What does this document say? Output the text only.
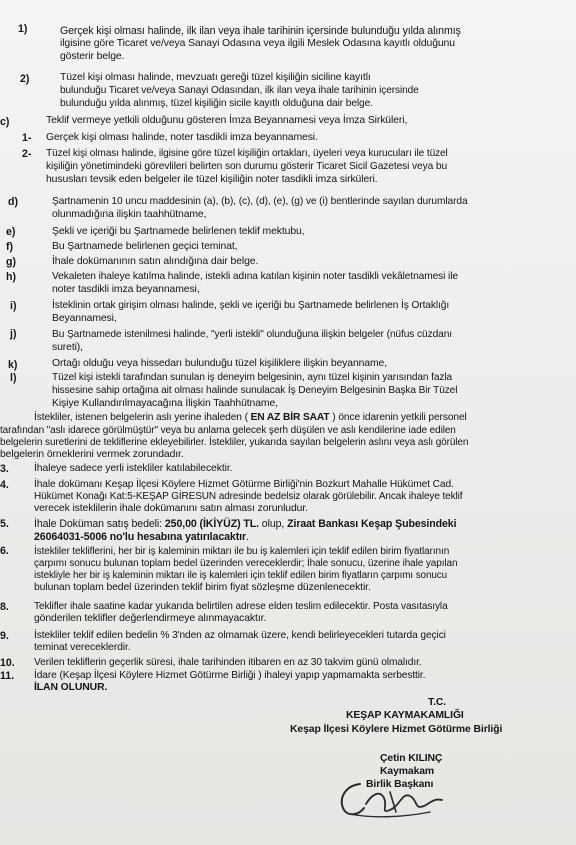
1)	Gerçek kişi olması halinde, ilk ilan veya ihale tarihinin içersinde bulunduğu yılda alınmış
ilgisine göre Ticaret ve/veya Sanayi Odasına veya ilgili Meslek Odasına kayıtlı olduğunu
gösterir belge.
2)	Tüzel kişi olması halinde, mevzuatı gereği tüzel kişiliğin siciline kayıtlı
bulunduğu Ticaret ve/veya Sanayi Odasından, ilk ilan veya ihale tarihinin içersinde
bulunduğu yılda alınmış, tüzel kişiliğin sicile kayıtlı olduğuna dair belge.
c)	Teklif vermeye yetkili olduğunu gösteren İmza Beyannamesi veya İmza Sirküleri,
1- Gerçek kişi olması halinde, noter tasdikli imza beyannamesi.
2- Tüzel kişi olması halinde, ilgisine göre tüzel kişiliğin ortakları, üyeleri veya kurucuları ile tüzel
kişiliğin yönetimindeki görevlileri belirten son durumu gösterir Ticaret Sicil Gazetesi veya bu
hususları tevsik eden belgeler ile tüzel kişiliğin noter tasdikli imza sirküleri.
d)	Şartnamenin 10 uncu maddesinin (a), (b), (c), (d), (e), (g) ve (i) bentlerinde sayılan durumlarda
olunmadığına ilişkin taahhütname,
e)	Şekli ve içeriği bu Şartnamede belirlenen teklif mektubu,
f)	Bu Şartnamede belirlenen geçici teminat,
g)	İhale dokümanının satın alındığına dair belge.
h)	Vekaleten ihaleye katılma halinde, istekli adına katılan kişinin noter tasdikli vekâletnamesi ile
noter tasdikli imza beyannamesi,
i)	İsteklinin ortak girişim olması halinde, şekli ve içeriği bu Şartnamede belirlenen İş Ortaklığı
Beyannamesi,
j)	Bu Şartnamede istenilmesi halinde, "yerli istekli" olunduğuna ilişkin belgeler (nüfus cüzdanı
sureti),
k)	Ortağı olduğu veya hissedarı bulunduğu tüzel kişiliklere ilişkin beyanname,
l)	Tüzel kişi istekli tarafından sunulan iş deneyim belgesinin, aynı tüzel kişinin yarısından fazla
hissesine sahip ortağına ait olması halinde sunulacak İş Deneyim Belgesinin Başka Bir Tüzel
Kişiye Kullandırılmayacağına İlişkin Taahhütname,
İstekliler, istenen belgelerin aslı yerine ihaleden ( EN AZ BİR SAAT ) önce idarenin yetkili personel
tarafından "aslı idarece görülmüştür" veya bu anlama gelecek şerh düşülen ve aslı kendilerine iade edilen
belgelerin suretlerini de tekliflerine ekleyebilirler. İstekliler, yukarıda sayılan belgelerin aslını veya aslı görülen
belgelerin örneklerini vermek zorundadır.
3. İhaleye sadece yerli istekliler katılabilecektir.
4. İhale dokümanı Keşap İlçesi Köylere Hizmet Götürme Birliği'nin Bozkurt Mahalle Hükümet Cad.
Hükümet Konağı Kat:5-KEŞAP GİRESUN adresinde bedelsiz olarak görülebilir. Ancak ihaleye teklif
verecek isteklilerin ihale dokümanını satın alması zorunludur.
5. İhale Doküman satış bedeli: 250,00 (İKİYÜZ) TL. olup, Ziraat Bankası Keşap Şubesindeki
26064031-5006 no'lu hesabına yatırılacaktır.
6.	İstekliler tekliflerini, her bir iş kaleminin miktarı ile bu iş kalemleri için teklif edilen birim fiyatlarının
çarpımı sonucu bulunan toplam bedel üzerinden vereceklerdir; İhale sonucu, üzerine ihale yapılan
istekliyle her bir iş kaleminin miktarı ile iş kalemleri için teklif edilen birim fiyatların çarpımı sonucu
bulunan toplam bedel üzerinden teklif birim fiyat sözleşme düzenlenecektir.
8. Teklifler ihale saatine kadar yukarıda belirtilen adrese elden teslim edilecektir. Posta vasıtasıyla
gönderilen teklifler değerlendirmeye alınmayacaktır.
9. İstekliler teklif edilen bedelin % 3'nden az olmamak üzere, kendi belirleyecekleri tutarda geçici
teminat vereceklerdir.
10. Verilen tekliflerin geçerlik süresi, ihale tarihinden itibaren en az 30 takvim günü olmalıdır.
11. İdare (Keşap İlçesi Köylere Hizmet Götürme Birliği ) ihaleyi yapıp yapmamakta serbesttir.
İLAN OLUNUR.
T.C.
KEŞAP KAYMAKAMLIĞI
Keşap İlçesi Köylere Hizmet Götürme Birliği
Çetin KILINÇ
Kaymakam
Birlik Başkanı
